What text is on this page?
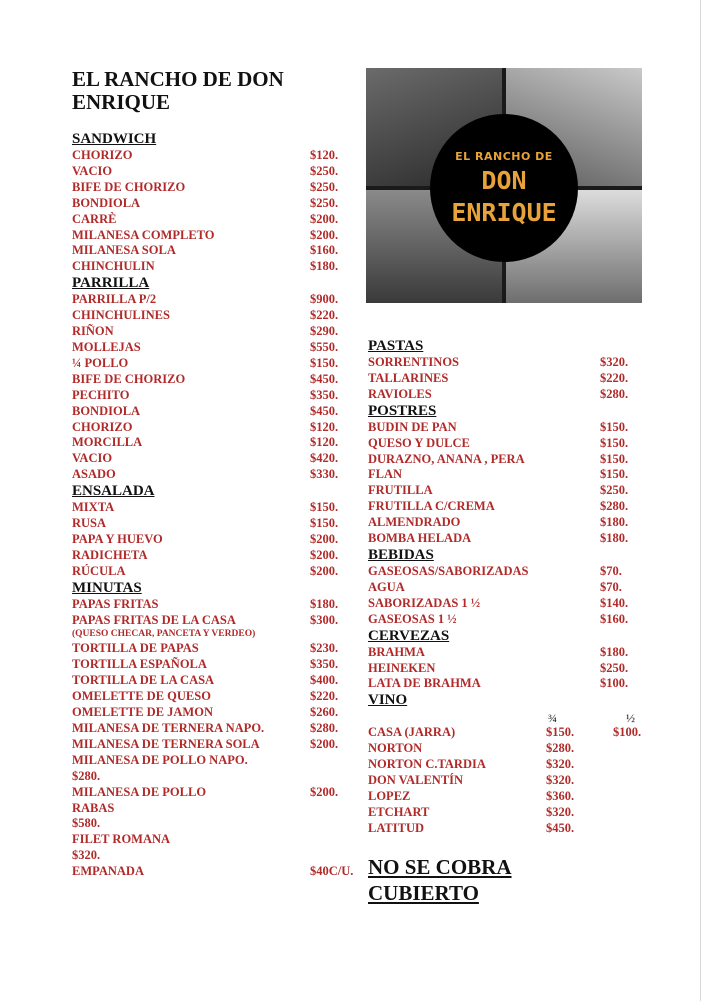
EL RANCHO DE DON ENRIQUE
EL RANCHO DE
DON
ENRIQUE
SANDWICH
CHORIZO	$120.
VACIO	$250.
BIFE DE CHORIZO	$250.
BONDIOLA	$250.
CARRÈ	$200.
MILANESA COMPLETO	$200.
MILANESA SOLA	$160.
CHINCHULIN	$180.
PARRILLA
PARRILLA P/2	$900.
CHINCHULINES	$220.
RIÑON	$290.
MOLLEJAS	$550.
¼ POLLO	$150.
BIFE DE CHORIZO	$450.
PECHITO	$350.
BONDIOLA	$450.
CHORIZO	$120.
MORCILLA	$120.
VACIO	$420.
ASADO	$330.
ENSALADA
MIXTA	$150.
RUSA	$150.
PAPA Y HUEVO	$200.
RADICHETA	$200.
RÚCULA	$200.
MINUTAS
PAPAS FRITAS	$180.
PAPAS FRITAS DE LA CASA	$300.
(QUESO CHECAR, PANCETA Y VERDEO)
TORTILLA DE PAPAS	$230.
TORTILLA ESPAÑOLA	$350.
TORTILLA DE LA CASA	$400.
OMELETTE DE QUESO	$220.
OMELETTE DE JAMON	$260.
MILANESA DE TERNERA NAPO.	$280.
MILANESA DE TERNERA SOLA	$200.
MILANESA DE POLLO NAPO.
$280.
MILANESA DE POLLO	$200.
RABAS
$580.
FILET ROMANA
$320.
EMPANADA	$40C/U.
PASTAS
SORRENTINOS	$320.
TALLARINES	$220.
RAVIOLES	$280.
POSTRES
BUDIN DE PAN	$150.
QUESO Y DULCE	$150.
DURAZNO, ANANA , PERA	$150.
FLAN	$150.
FRUTILLA	$250.
FRUTILLA C/CREMA	$280.
ALMENDRADO	$180.
BOMBA HELADA	$180.
BEBIDAS
GASEOSAS/SABORIZADAS	$70.
AGUA	$70.
SABORIZADAS 1 ½	$140.
GASEOSAS 1 ½	$160.
CERVEZAS
BRAHMA	$180.
HEINEKEN	$250.
LATA DE BRAHMA	$100.
VINO
¾	½
CASA (JARRA)	$150.	$100.
NORTON	$280.
NORTON C.TARDIA	$320.
DON VALENTÍN	$320.
LOPEZ	$360.
ETCHART	$320.
LATITUD	$450.
NO SE COBRA CUBIERTO
